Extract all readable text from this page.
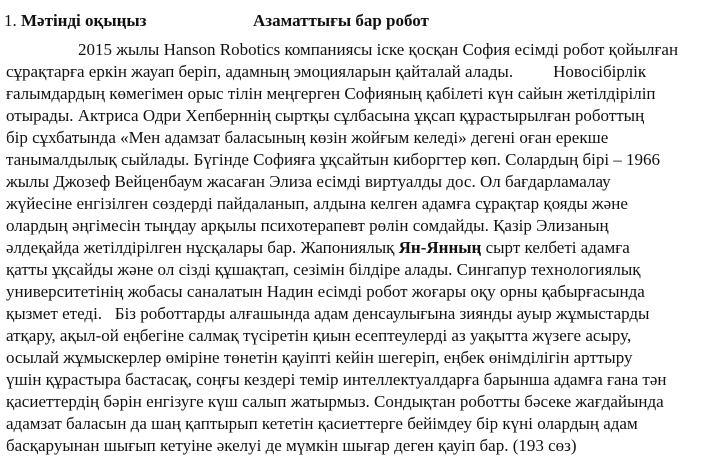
1. Мәтінді оқыңыз	Азаматтығы бар робот
2015 жылы Hanson Robotics компаниясы іске қосқан София есімді робот қойылған
сұрақтарға еркін жауап беріп, адамның эмоцияларын қайталай алады. Новосібірлік
ғалымдардың көмегімен орыс тілін меңгерген Софияның қабілеті күн сайын жетілдіріліп
отырады. Актриса Одри Хепберннің сыртқы сұлбасына ұқсап құрастырылған роботтың
бір сұхбатында «Мен адамзат баласының көзін жойғым келеді» дегені оған ерекше
танымалдылық сыйлады. Бүгінде Софияға ұқсайтын киборгтер көп. Солардың бірі – 1966
жылы Джозеф Вейценбаум жасаған Элиза есімді виртуалды дос. Ол бағдарламалау
жүйесіне енгізілген сөздерді пайдаланып, алдына келген адамға сұрақтар қояды және
олардың әңгімесін тыңдау арқылы психотерапевт рөлін сомдайды. Қазір Элизаның
әлдеқайда жетілдірілген нұсқалары бар. Жапониялық Ян-Янның сырт келбеті адамға
қатты ұқсайды және ол сізді құшақтап, сезімін білдіре алады. Сингапур технологиялық
университетінің жобасы саналатын Надин есімді робот жоғары оқу орны қабырғасында
қызмет етеді.   Біз роботтарды алғашында адам денсаулығына зиянды ауыр жұмыстарды
атқару, ақыл-ой еңбегіне салмақ түсіретін қиын есептеулерді аз уақытта жүзеге асыру,
осылай жұмыскерлер өміріне төнетін қауіпті кейін шегеріп, еңбек өнімділігін арттыру
үшін құрастыра бастасақ, соңғы кездері темір интеллектуалдарға барынша адамға ғана тән
қасиеттердің бәрін енгізуге күш салып жатырмыз. Сондықтан роботты бәсеке жағдайында
адамзат баласын да шаң қаптырып кететін қасиеттерге бейімдеу бір күні олардың адам
басқаруынан шығып кетуіне әкелуі де мүмкін шығар деген қауіп бар. (193 сөз)
